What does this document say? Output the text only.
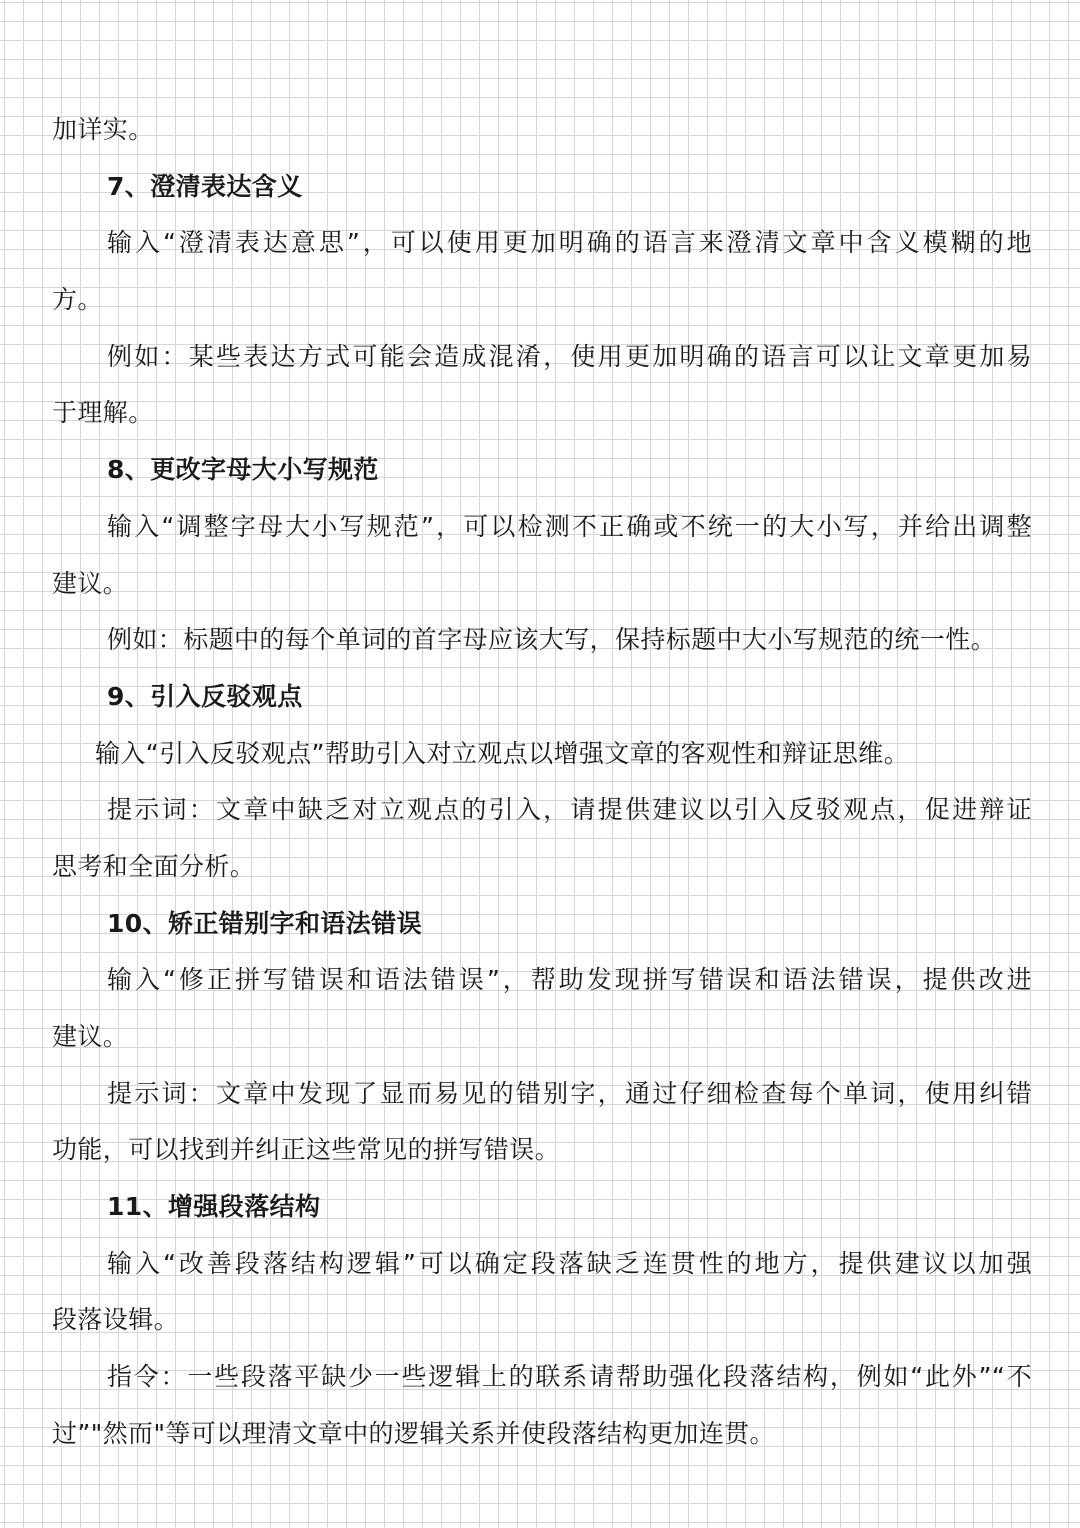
加详实。
7、澄清表达含义
输入“澄清表达意思”，可以使用更加明确的语言来澄清文章中含义模糊的地
方。
例如：某些表达方式可能会造成混淆，使用更加明确的语言可以让文章更加易
于理解。
8、更改字母大小写规范
输入“调整字母大小写规范”，可以检测不正确或不统一的大小写，并给出调整
建议。
例如：标题中的每个单词的首字母应该大写，保持标题中大小写规范的统一性。
9、引入反驳观点
输入“引入反驳观点”帮助引入对立观点以增强文章的客观性和辩证思维。
提示词：文章中缺乏对立观点的引入，请提供建议以引入反驳观点，促进辩证
思考和全面分析。
10、矫正错别字和语法错误
输入“修正拼写错误和语法错误”，帮助发现拼写错误和语法错误，提供改进
建议。
提示词：文章中发现了显而易见的错别字，通过仔细检查每个单词，使用纠错
功能，可以找到并纠正这些常见的拼写错误。
11、增强段落结构
输入“改善段落结构逻辑”可以确定段落缺乏连贯性的地方，提供建议以加强
段落设辑。
指令：一些段落平缺少一些逻辑上的联系请帮助强化段落结构，例如“此外”“不
过”"然而"等可以理清文章中的逻辑关系并使段落结构更加连贯。
